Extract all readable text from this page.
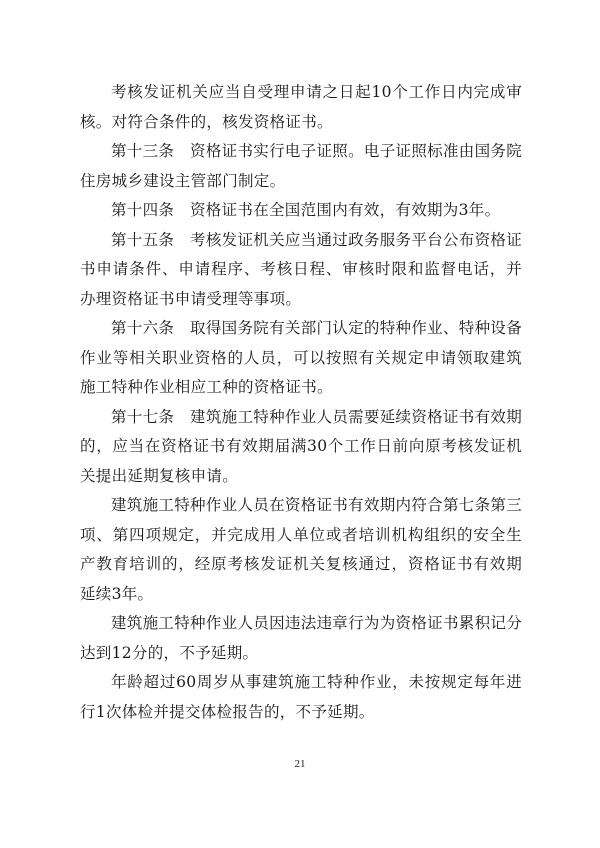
考核发证机关应当自受理申请之日起10个工作日内完成审核。对符合条件的，核发资格证书。

第十三条　资格证书实行电子证照。电子证照标准由国务院住房城乡建设主管部门制定。

第十四条　资格证书在全国范围内有效，有效期为3年。

第十五条　考核发证机关应当通过政务服务平台公布资格证书申请条件、申请程序、考核日程、审核时限和监督电话，并办理资格证书申请受理等事项。

第十六条　取得国务院有关部门认定的特种作业、特种设备作业等相关职业资格的人员，可以按照有关规定申请领取建筑施工特种作业相应工种的资格证书。

第十七条　建筑施工特种作业人员需要延续资格证书有效期的，应当在资格证书有效期届满30个工作日前向原考核发证机关提出延期复核申请。

建筑施工特种作业人员在资格证书有效期内符合第七条第三项、第四项规定，并完成用人单位或者培训机构组织的安全生产教育培训的，经原考核发证机关复核通过，资格证书有效期延续3年。

建筑施工特种作业人员因违法违章行为为资格证书累积记分达到12分的，不予延期。

年龄超过60周岁从事建筑施工特种作业，未按规定每年进行1次体检并提交体检报告的，不予延期。

21
